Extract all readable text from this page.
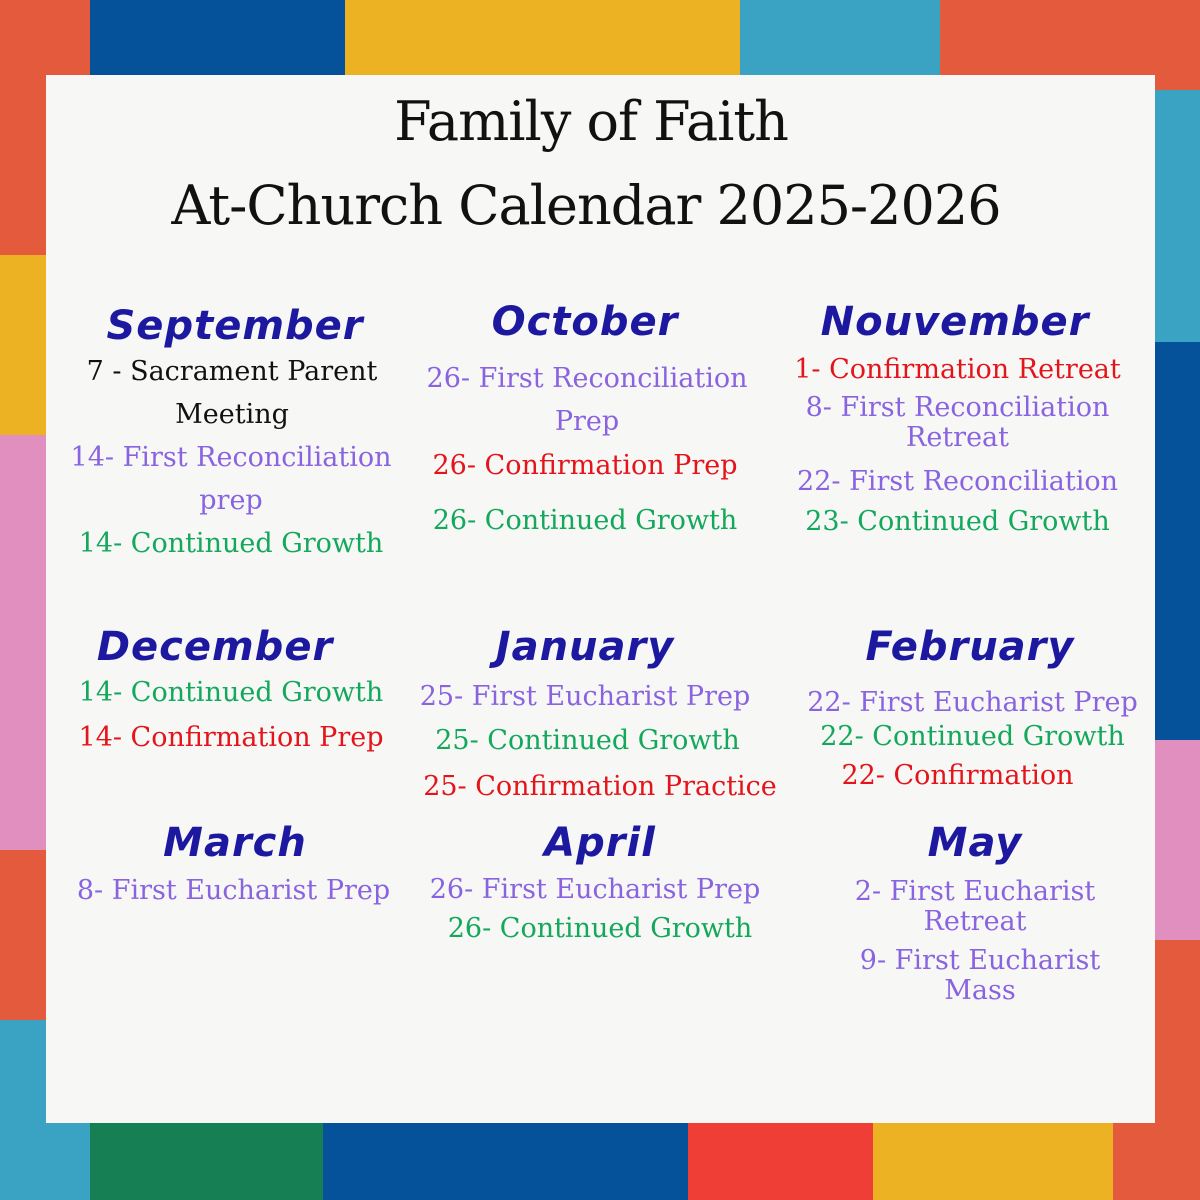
Family of Faith
At-Church Calendar 2025-2026
September
7 - Sacrament Parent Meeting
14- First Reconciliation prep
14- Continued Growth
October
26- First Reconciliation Prep
26- Confirmation Prep
26- Continued Growth
Nouvember
1- Confirmation Retreat
8- First Reconciliation Retreat
22- First Reconciliation
23- Continued Growth
December
14- Continued Growth
14- Confirmation Prep
January
25- First Eucharist Prep
25- Continued Growth
25- Confirmation Practice
February
22- First Eucharist Prep
22- Continued Growth
22- Confirmation
March
8- First Eucharist Prep
April
26- First Eucharist Prep
26- Continued Growth
May
2- First Eucharist Retreat
9- First Eucharist Mass
